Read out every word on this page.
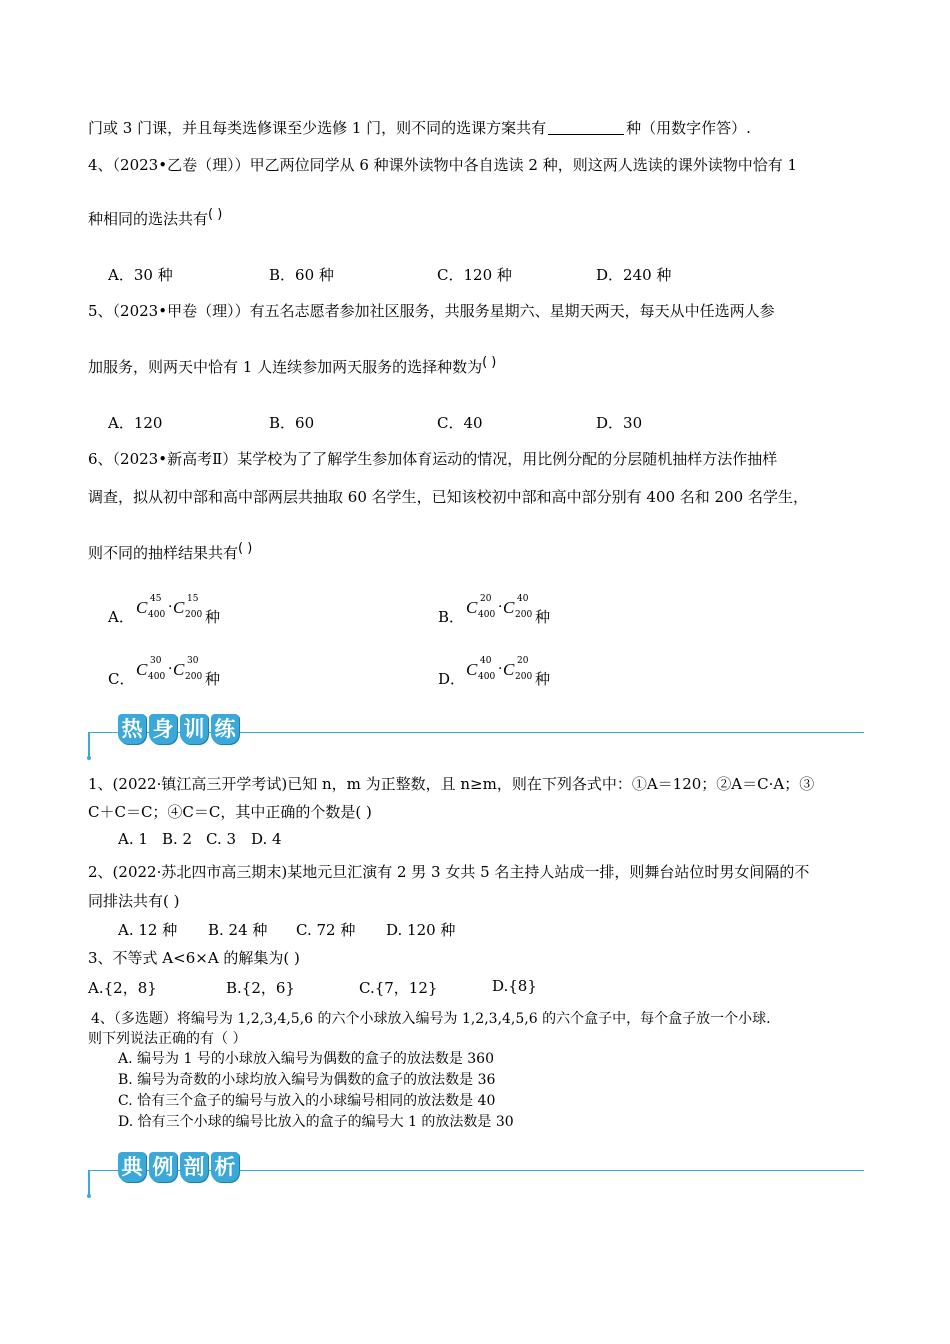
门或 3 门课，并且每类选修课至少选修 1 门，则不同的选课方案共有	种（用数字作答）.
4、（2023•乙卷（理））甲乙两位同学从 6 种课外读物中各自选读 2 种，则这两人选读的课外读物中恰有 1
种相同的选法共有( )
A．30 种	B．60 种	C．120 种	D．240 种
5、（2023•甲卷（理））有五名志愿者参加社区服务，共服务星期六、星期天两天，每天从中任选两人参
加服务，则两天中恰有 1 人连续参加两天服务的选择种数为( )
A．120	B．60	C．40	D．30
6、（2023•新高考Ⅱ）某学校为了了解学生参加体育运动的情况，用比例分配的分层随机抽样方法作抽样
调查，拟从初中部和高中部两层共抽取 60 名学生，已知该校初中部和高中部分别有 400 名和 200 名学生，
则不同的抽样结果共有( )
A． C 45
400 · C 15
200 种	B． C 20
400 · C 40
200 种
C． C 30
400 · C 30
200 种	D． C 40
400 · C 20
200 种
热 身 训 练
1、(2022·镇江高三开学考试)已知 n，m 为正整数，且 n≥m，则在下列各式中：①A＝120；②A＝C·A；③
C＋C＝C；④C＝C，其中正确的个数是( )
A. 1 B. 2 C. 3 D. 4
2、(2022·苏北四市高三期末)某地元旦汇演有 2 男 3 女共 5 名主持人站成一排，则舞台站位时男女间隔的不
同排法共有( )
A. 12 种 B. 24 种 C. 72 种 D. 120 种
3、不等式 A<6×A 的解集为( )
A.{2，8}	B.{2，6}	C.{7，12}	D.{8}
4、（多选题）将编号为 1,2,3,4,5,6 的六个小球放入编号为 1,2,3,4,5,6 的六个盒子中，每个盒子放一个小球.
则下列说法正确的有（ ）
A. 编号为 1 号的小球放入编号为偶数的盒子的放法数是 360
B. 编号为奇数的小球均放入编号为偶数的盒子的放法数是 36
C. 恰有三个盒子的编号与放入的小球编号相同的放法数是 40
D. 恰有三个小球的编号比放入的盒子的编号大 1 的放法数是 30
典 例 剖 析
